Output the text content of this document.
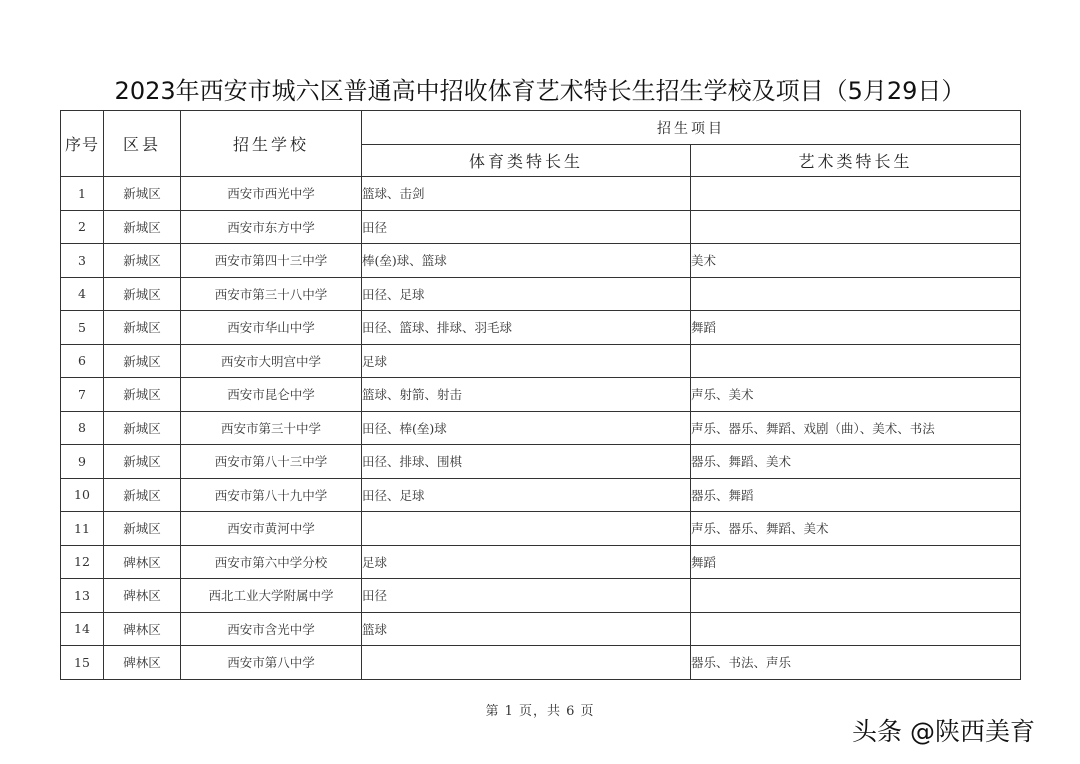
2023年西安市城六区普通高中招收体育艺术特长生招生学校及项目（5月29日）
序号	区县	招生学校	招生项目	
			体育类特长生	艺术类特长生
1	新城区	西安市西光中学	篮球、击剑	
2	新城区	西安市东方中学	田径	
3	新城区	西安市第四十三中学	棒(垒)球、篮球	美术
4	新城区	西安市第三十八中学	田径、足球	
5	新城区	西安市华山中学	田径、篮球、排球、羽毛球	舞蹈
6	新城区	西安市大明宫中学	足球	
7	新城区	西安市昆仑中学	篮球、射箭、射击	声乐、美术
8	新城区	西安市第三十中学	田径、棒(垒)球	声乐、器乐、舞蹈、戏剧（曲）、美术、书法
9	新城区	西安市第八十三中学	田径、排球、围棋	器乐、舞蹈、美术
10	新城区	西安市第八十九中学	田径、足球	器乐、舞蹈
11	新城区	西安市黄河中学		声乐、器乐、舞蹈、美术
12	碑林区	西安市第六中学分校	足球	舞蹈
13	碑林区	西北工业大学附属中学	田径	
14	碑林区	西安市含光中学	篮球	
15	碑林区	西安市第八中学		器乐、书法、声乐
第 1 页，共 6 页
头条 @陕西美育
